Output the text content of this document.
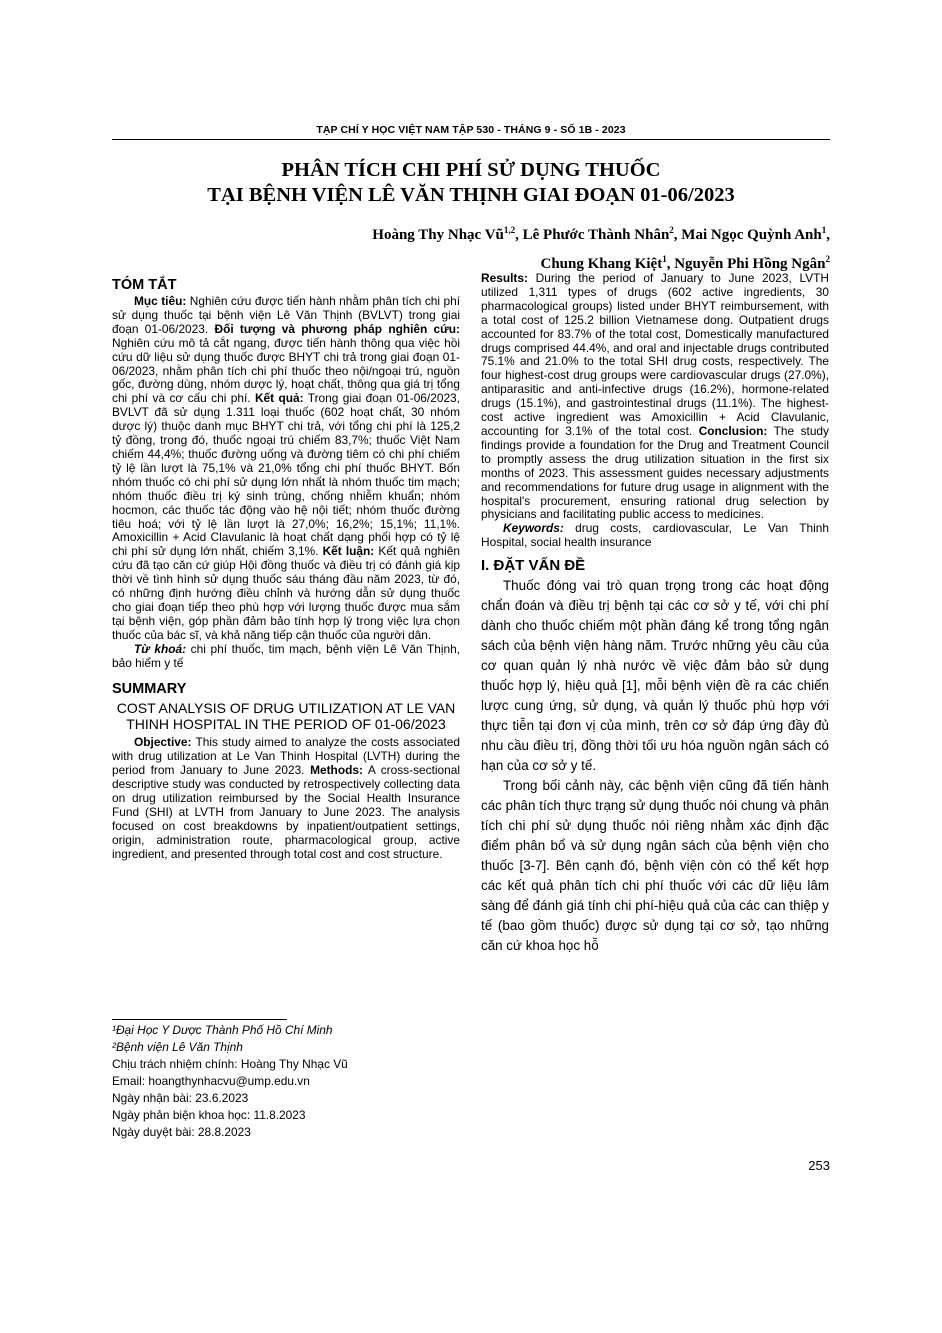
TẠP CHÍ Y HỌC VIỆT NAM TẬP 530 - THÁNG 9 - SỐ 1B - 2023
PHÂN TÍCH CHI PHÍ SỬ DỤNG THUỐC
TẠI BỆNH VIỆN LÊ VĂN THỊNH GIAI ĐOẠN 01-06/2023
Hoàng Thy Nhạc Vũ$^{1,2}$, Lê Phước Thành Nhân$^2$, Mai Ngọc Quỳnh Anh$^1$,
Chung Khang Kiệt$^1$, Nguyễn Phi Hồng Ngân$^2$
TÓM TẮT

Mục tiêu: Nghiên cứu được tiến hành nhằm phân tích chi phí sử dụng thuốc tại bệnh viện Lê Văn Thịnh (BVLVT) trong giai đoạn 01-06/2023. Đối tượng và phương pháp nghiên cứu: Nghiên cứu mô tả cắt ngang, được tiến hành thông qua việc hồi cứu dữ liệu sử dụng thuốc được BHYT chi trả trong giai đoạn 01-06/2023, nhằm phân tích chi phí thuốc theo nội/ngoại trú, nguồn gốc, đường dùng, nhóm dược lý, hoạt chất, thông qua giá trị tổng chi phí và cơ cấu chi phí. Kết quả: Trong giai đoạn 01-06/2023, BVLVT đã sử dụng 1.311 loại thuốc (602 hoạt chất, 30 nhóm dược lý) thuộc danh mục BHYT chi trả, với tổng chi phí là 125,2 tỷ đồng, trong đó, thuốc ngoại trú chiếm 83,7%; thuốc Việt Nam chiếm 44,4%; thuốc đường uống và đường tiêm có chi phí chiếm tỷ lệ lần lượt là 75,1% và 21,0% tổng chi phí thuốc BHYT. Bốn nhóm thuốc có chi phí sử dụng lớn nhất là nhóm thuốc tim mạch; nhóm thuốc điều trị ký sinh trùng, chống nhiễm khuẩn; nhóm hocmon, các thuốc tác động vào hệ nội tiết; nhóm thuốc đường tiêu hoá; với tỷ lệ lần lượt là 27,0%; 16,2%; 15,1%; 11,1%. Amoxicillin + Acid Clavulanic là hoạt chất dạng phối hợp có tỷ lệ chi phí sử dụng lớn nhất, chiếm 3,1%. Kết luận: Kết quả nghiên cứu đã tạo căn cứ giúp Hội đồng thuốc và điều trị có đánh giá kịp thời về tình hình sử dụng thuốc sáu tháng đầu năm 2023, từ đó, có những định hướng điều chỉnh và hướng dẫn sử dụng thuốc cho giai đoạn tiếp theo phù hợp với lượng thuốc được mua sắm tại bệnh viện, góp phần đảm bảo tính hợp lý trong việc lựa chọn thuốc của bác sĩ, và khả năng tiếp cận thuốc của người dân.

Từ khoá: chi phí thuốc, tim mạch, bệnh viện Lê Văn Thịnh, bảo hiểm y tế

SUMMARY
COST ANALYSIS OF DRUG UTILIZATION AT LE VAN THINH HOSPITAL IN THE PERIOD OF 01-06/2023

Objective: This study aimed to analyze the costs associated with drug utilization at Le Van Thinh Hospital (LVTH) during the period from January to June 2023. Methods: A cross-sectional descriptive study was conducted by retrospectively collecting data on drug utilization reimbursed by the Social Health Insurance Fund (SHI) at LVTH from January to June 2023. The analysis focused on cost breakdowns by inpatient/outpatient settings, origin, administration route, pharmacological group, active ingredient, and presented through total cost and cost structure.

¹Đại Học Y Dược Thành Phố Hồ Chí Minh

²Bệnh viện Lê Văn Thịnh

Chịu trách nhiệm chính: Hoàng Thy Nhạc Vũ

Email: hoangthynhacvu@ump.edu.vn

Ngày nhận bài: 23.6.2023

Ngày phản biện khoa học: 11.8.2023

Ngày duyệt bài: 28.8.2023

Results: During the period of January to June 2023, LVTH utilized 1,311 types of drugs (602 active ingredients, 30 pharmacological groups) listed under BHYT reimbursement, with a total cost of 125.2 billion Vietnamese dong. Outpatient drugs accounted for 83.7% of the total cost, Domestically manufactured drugs comprised 44.4%, and oral and injectable drugs contributed 75.1% and 21.0% to the total SHI drug costs, respectively. The four highest-cost drug groups were cardiovascular drugs (27.0%), antiparasitic and anti-infective drugs (16.2%), hormone-related drugs (15.1%), and gastrointestinal drugs (11.1%). The highest-cost active ingredient was Amoxicillin + Acid Clavulanic, accounting for 3.1% of the total cost. Conclusion: The study findings provide a foundation for the Drug and Treatment Council to promptly assess the drug utilization situation in the first six months of 2023. This assessment guides necessary adjustments and recommendations for future drug usage in alignment with the hospital's procurement, ensuring rational drug selection by physicians and facilitating public access to medicines.

Keywords: drug costs, cardiovascular, Le Van Thinh Hospital, social health insurance

I. ĐẶT VẤN ĐỀ

Thuốc đóng vai trò quan trọng trong các hoạt động chẩn đoán và điều trị bệnh tại các cơ sở y tế, với chi phí dành cho thuốc chiếm một phần đáng kể trong tổng ngân sách của bệnh viện hàng năm. Trước những yêu cầu của cơ quan quản lý nhà nước về việc đảm bảo sử dụng thuốc hợp lý, hiệu quả [1], mỗi bệnh viện đề ra các chiến lược cung ứng, sử dụng, và quản lý thuốc phù hợp với thực tiễn tại đơn vị của mình, trên cơ sở đáp ứng đầy đủ nhu cầu điều trị, đồng thời tối ưu hóa nguồn ngân sách có hạn của cơ sở y tế.

Trong bối cảnh này, các bệnh viện cũng đã tiến hành các phân tích thực trạng sử dụng thuốc nói chung và phân tích chi phí sử dụng thuốc nói riêng nhằm xác định đặc điểm phân bổ và sử dụng ngân sách của bệnh viện cho thuốc [3-7]. Bên cạnh đó, bệnh viện còn có thể kết hợp các kết quả phân tích chi phí thuốc với các dữ liệu lâm sàng để đánh giá tính chi phí-hiệu quả của các can thiệp y tế (bao gồm thuốc) được sử dụng tại cơ sở, tạo những căn cứ khoa học hỗ

253
